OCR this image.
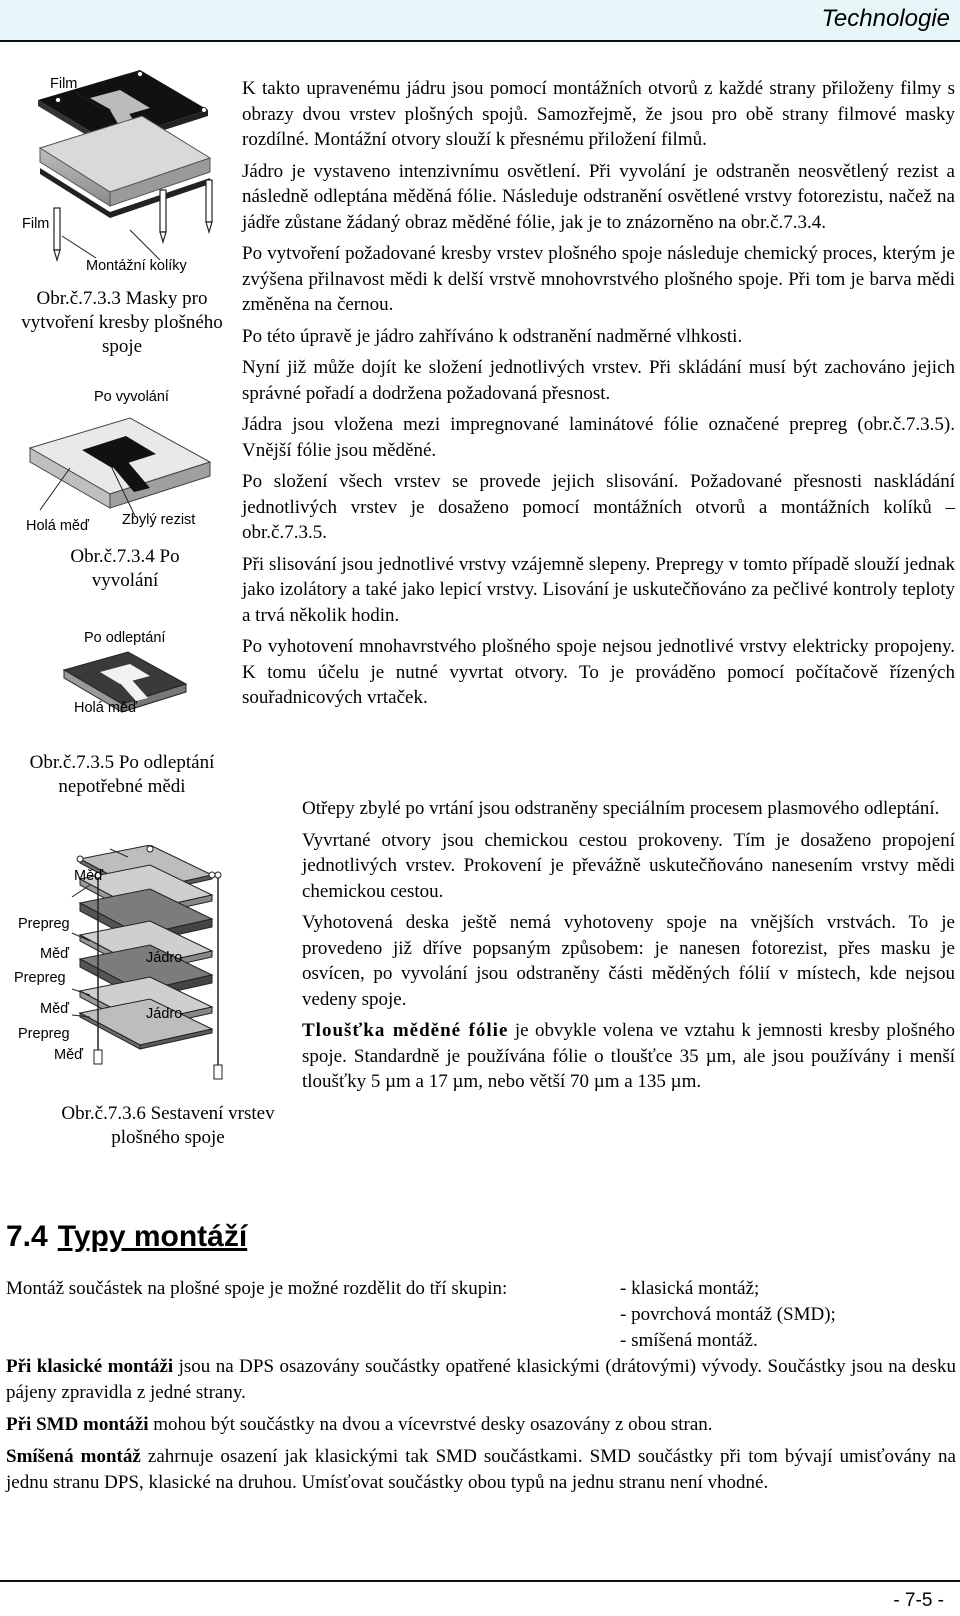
Technologie
Film
Film
Montážní kolíky
Obr.č.7.3.3 Masky pro vytvoření kresby plošného spoje
Po vyvolání
Holá měď Zbylý rezist
Obr.č.7.3.4 Po vyvolání
Po odleptání
Holá měď
Obr.č.7.3.5 Po odleptání nepotřebné mědi
Měď
Prepreg
Měď	Jádro
Prepreg
Měď	Jádro
Prepreg
Měď
Obr.č.7.3.6 Sestavení vrstev plošného spoje

K takto upravenému jádru jsou pomocí montážních otvorů z každé strany přiloženy filmy s obrazy dvou vrstev plošných spojů. Samozřejmě, že jsou pro obě strany filmové masky rozdílné. Montážní otvory slouží k přesnému přiložení filmů.

Jádro je vystaveno intenzivnímu osvětlení. Při vyvolání je odstraněn neosvětlený rezist a následně odleptána měděná fólie. Následuje odstranění osvětlené vrstvy fotorezistu, načež na jádře zůstane žádaný obraz měděné fólie, jak je to znázorněno na obr.č.7.3.4.

Po vytvoření požadované kresby vrstev plošného spoje následuje chemický proces, kterým je zvýšena přilnavost mědi k delší vrstvě mnohovrstvého plošného spoje. Při tom je barva mědi změněna na černou.

Po této úpravě je jádro zahříváno k odstranění nadměrné vlhkosti.

Nyní již může dojít ke složení jednotlivých vrstev. Při skládání musí být zachováno jejich správné pořadí a dodržena požadovaná přesnost.

Jádra jsou vložena mezi impregnované laminátové fólie označené prepreg (obr.č.7.3.5). Vnější fólie jsou měděné.

Po složení všech vrstev se provede jejich slisování. Požadované přesnosti naskládání jednotlivých vrstev je dosaženo pomocí montážních otvorů a montážních kolíků – obr.č.7.3.5.

Při slisování jsou jednotlivé vrstvy vzájemně slepeny. Prepregy v tomto případě slouží jednak jako izolátory a také jako lepicí vrstvy. Lisování je uskutečňováno za pečlivé kontroly teploty a trvá několik hodin.

Po vyhotovení mnohavrstvého plošného spoje nejsou jednotlivé vrstvy elektricky propojeny. K tomu účelu je nutné vyvrtat otvory. To je prováděno pomocí počítačově řízených souřadnicových vrtaček.

Otřepy zbylé po vrtání jsou odstraněny speciálním procesem plasmového odleptání.

Vyvrtané otvory jsou chemickou cestou prokoveny. Tím je dosaženo propojení jednotlivých vrstev. Prokovení je převážně uskutečňováno nanesením vrstvy mědi chemickou cestou.

Vyhotovená deska ještě nemá vyhotoveny spoje na vnějších vrstvách. To je provedeno již dříve popsaným způsobem: je nanesen fotorezist, přes masku je osvícen, po vyvolání jsou odstraněny části měděných fólií v místech, kde nejsou vedeny spoje.

Tloušťka měděné fólie je obvykle volena ve vztahu k jemnosti kresby plošného spoje. Standardně je používána fólie o tloušťce 35 µm, ale jsou používány i menší tloušťky 5 µm a 17 µm, nebo větší 70 µm a 135 µm.

7.4 Typy montáží
Montáž součástek na plošné spoje je možné rozdělit do tří skupin:	- klasická montáž;
- povrchová montáž (SMD);
- smíšená montáž.

Při klasické montáži jsou na DPS osazovány součástky opatřené klasickými (drátovými) vývody. Součástky jsou na desku pájeny zpravidla z jedné strany.

Při SMD montáži mohou být součástky na dvou a vícevrstvé desky osazovány z obou stran.

Smíšená montáž zahrnuje osazení jak klasickými tak SMD součástkami. SMD součástky při tom bývají umisťovány na jednu stranu DPS, klasické na druhou. Umísťovat součástky obou typů na jednu stranu není vhodné.

- 7-5 -
